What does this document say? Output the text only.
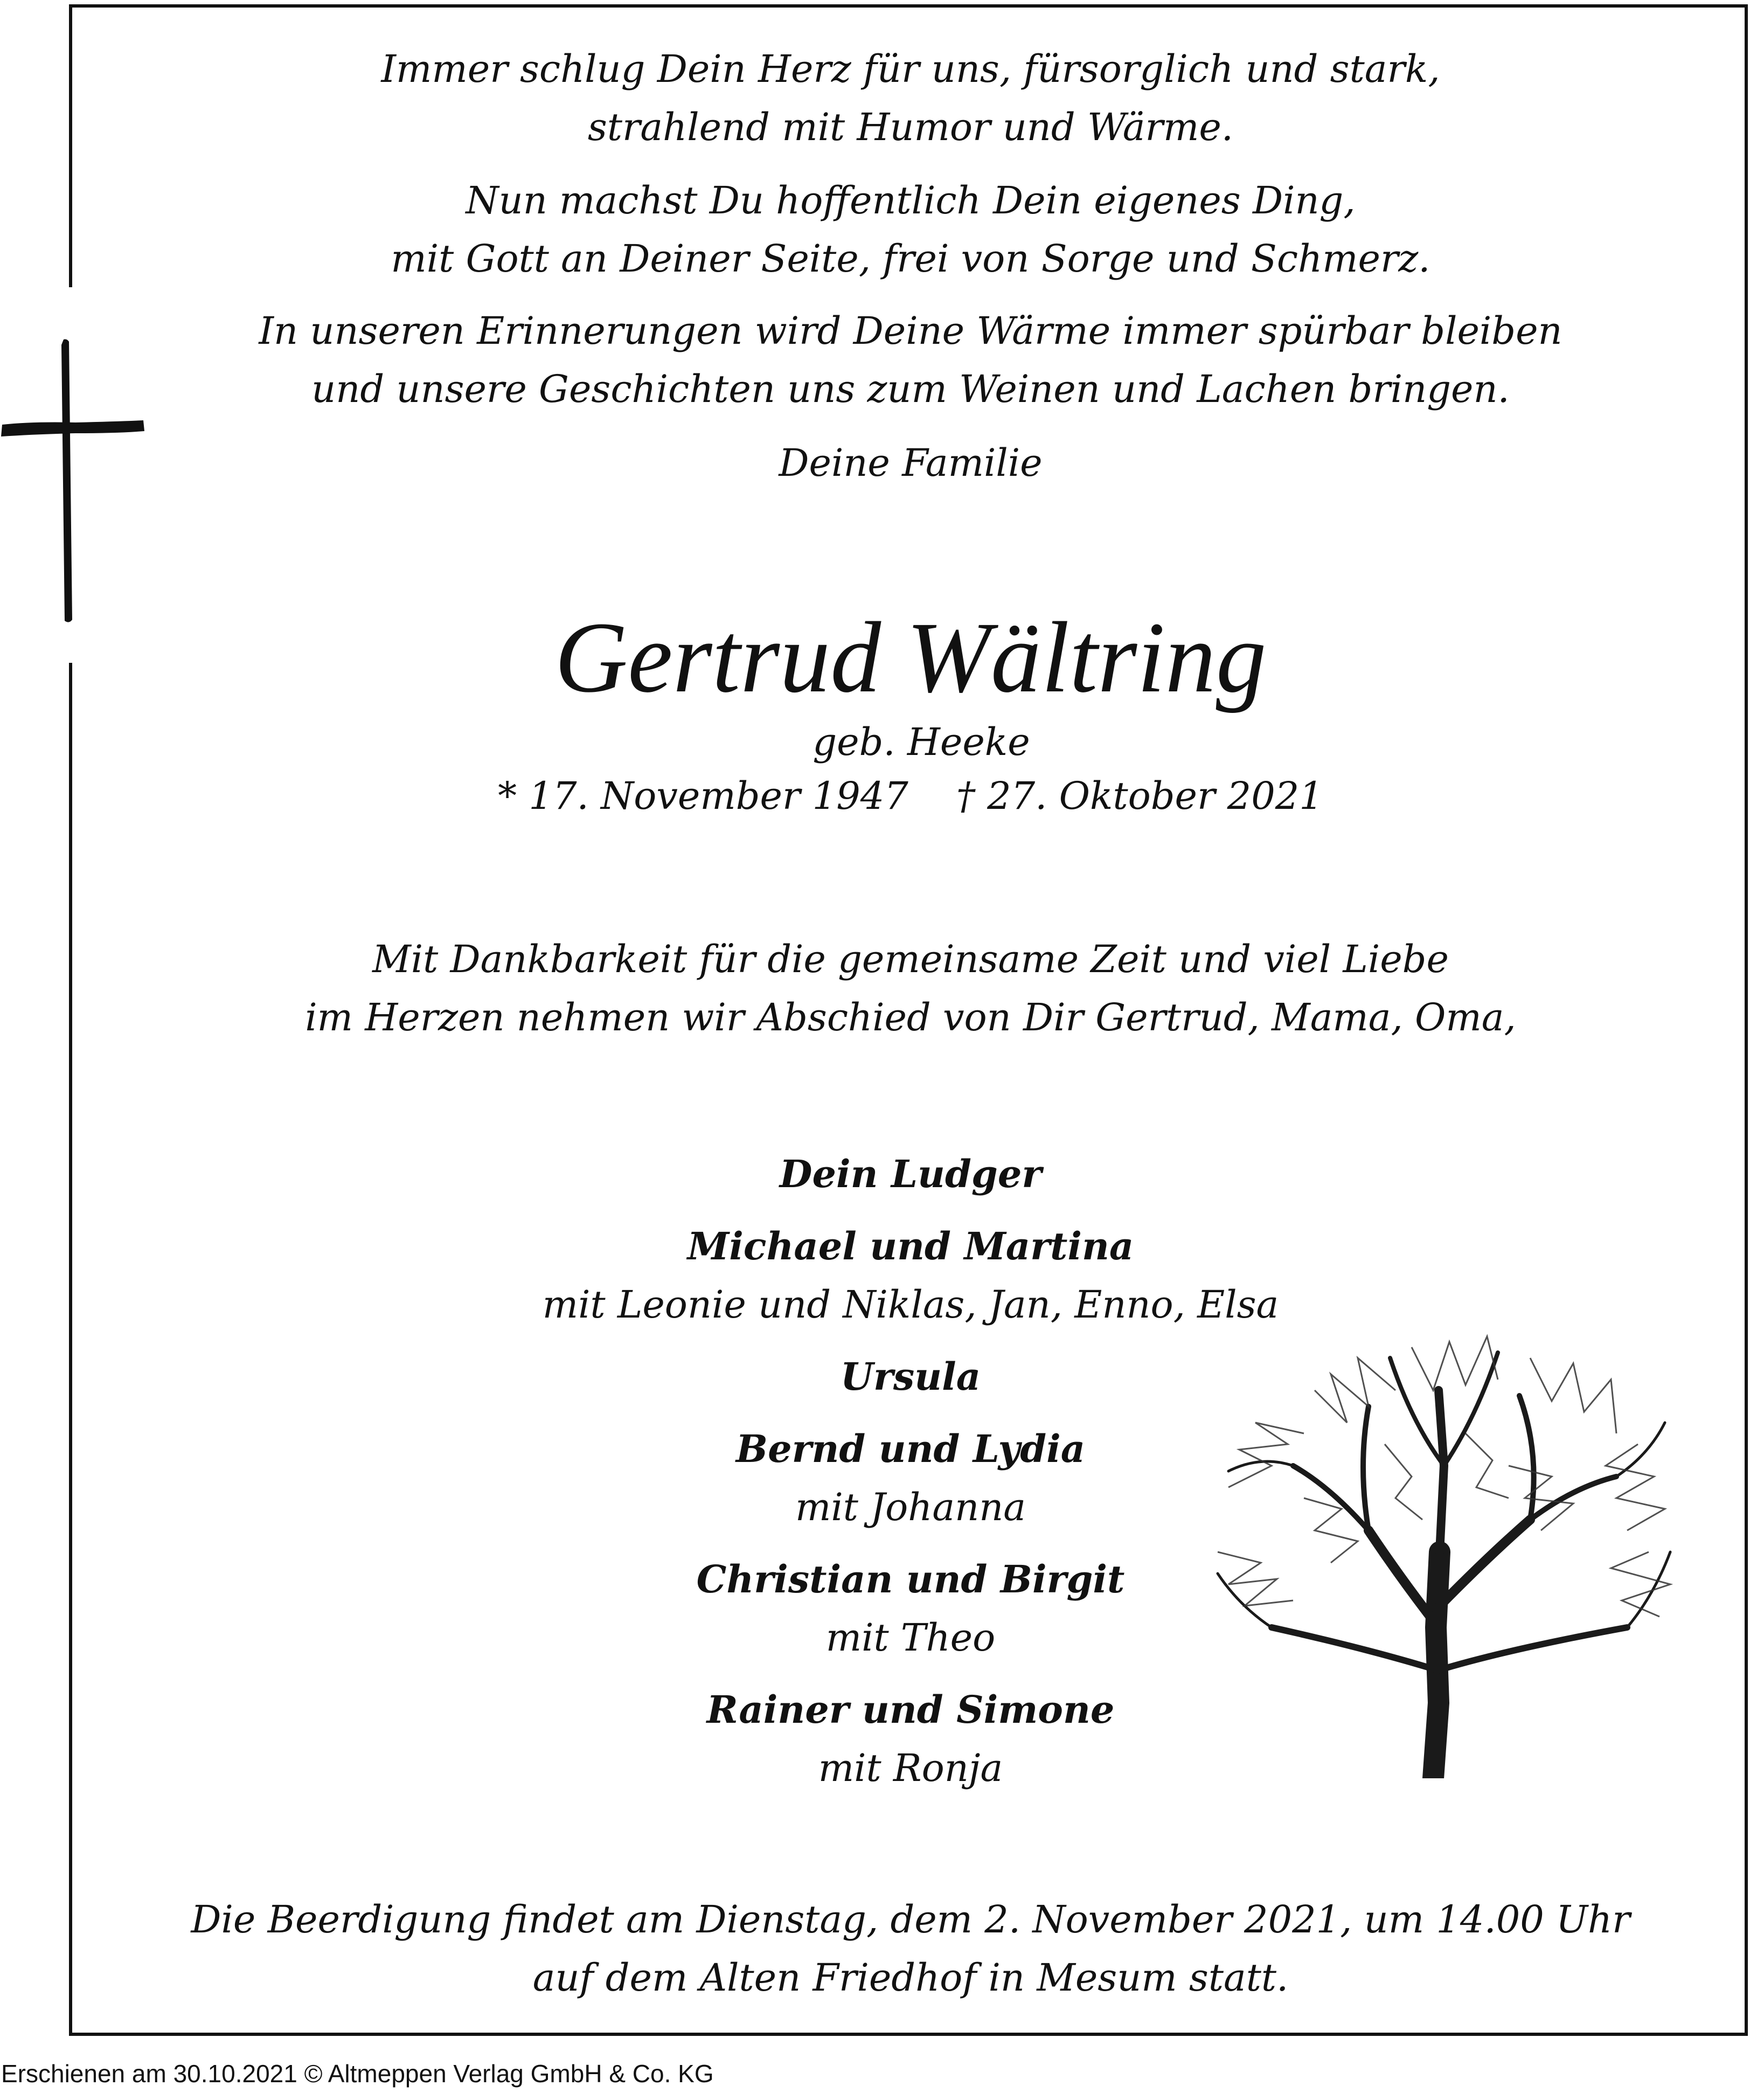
Immer schlug Dein Herz für uns, fürsorglich und stark,
strahlend mit Humor und Wärme.
Nun machst Du hoffentlich Dein eigenes Ding,
mit Gott an Deiner Seite, frei von Sorge und Schmerz.
In unseren Erinnerungen wird Deine Wärme immer spürbar bleiben
und unsere Geschichten uns zum Weinen und Lachen bringen.
Deine Familie
Gertrud Wältring
geb. Heeke
* 17. November 1947    † 27. Oktober 2021
Mit Dankbarkeit für die gemeinsame Zeit und viel Liebe
im Herzen nehmen wir Abschied von Dir Gertrud, Mama, Oma,
Dein Ludger
Michael und Martina
mit Leonie und Niklas, Jan, Enno, Elsa
Ursula
Bernd und Lydia
mit Johanna
Christian und Birgit
mit Theo
Rainer und Simone
mit Ronja
Die Beerdigung findet am Dienstag, dem 2. November 2021, um 14.00 Uhr
auf dem Alten Friedhof in Mesum statt.
Erschienen am 30.10.2021 © Altmeppen Verlag GmbH & Co. KG
